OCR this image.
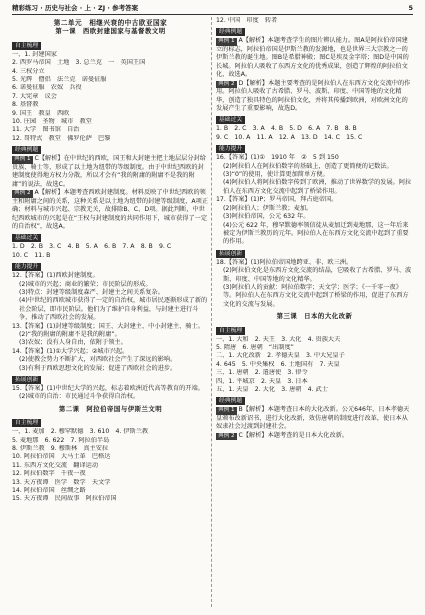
精彩练习 · 历史与社会 · 上 · ZJ · 参考答案	5
第二单元　相继兴衰的中古欧亚国家
第一课　西欧封建国家与基督教文明
自主梳理
一、1. 封建国家
2. 西罗马帝国　土地　3. 总兰克　一　英国王国
4. 三权分立
5. 光辉　僧侣　法兰克　诺曼征服
6. 诺曼征服　农奴　兵役
7. 大宪章　议会
8. 基督教
9. 国王　教皇　西欧
10. 庄园　圣物　城市　教堂
11. 大学　图书馆　自治
12. 哥特式　教堂　佛罗伦萨　巴黎
经典例题
典例 1 C【解析】在中世纪的西欧，国王和大封建主把土地层层分封给贵族、骑士等，形成了以土地为纽带的等级制度。由于中世纪西欧的封建制度使得地方权力分散，所以才会有“我的附庸的附庸不是我的附庸”的说法，故选C。
典例 2 A【解析】本题考查西欧封建制度。材料反映了中世纪西欧的领主和附庸之间的关系，这种关系是以土地为纽带的封建等级制度，A项正确；材料与城市兴起、宗教无关，故排除B、C、D项。据此判断，中世纪西欧城市的兴起是在“王权与封建制度的共同作用下，城市获得了一定的自治权”，故选A。
基础过关
1. D　2. B　3. C　4. B　5. A　6. B　7. A　8. B　9. C
10. C　11. B
能力提升
12.【答案】(1)西欧封建制度。
(2)城市的兴起；商业的繁荣；市民阶层的形成。
(3)特点：封建等级制度森严、封建主之间关系复杂。
(4)中世纪的西欧城市获得了一定的自治权，城市居民逐渐形成了新的社会阶层，即市民阶层。他们为了维护自身利益，与封建主进行斗争，推动了西欧社会的发展。
13.【答案】(1)封建等级制度；国王、大封建主、中小封建主、骑士。
(2)“我的附庸的附庸不是我的附庸”。
(3)农奴；没有人身自由，依附于领主。
14.【答案】(1)①大学兴起；②城市兴起。
(2)使教会势力不断扩大，对西欧社会产生了深远的影响。
(3)有利于西欧思想文化的发展；促进了西欧社会的进步。
拓展创新
15.【答案】(1)中世纪大学的兴起，标志着欧洲近代高等教育的开端。
(2)城市的自治：市民通过斗争获得自治权。
第二课　阿拉伯帝国与伊斯兰文明
自主梳理
一、1. 麦加　2. 穆罕默德　3. 610　4. 伊斯兰教
5. 麦地那　6. 622　7. 阿拉伯半岛
8. 伊斯兰教　9. 穆斯林　真主安拉
10. 阿拉伯帝国　大马士革　巴格达
11. 东西方文化交流　翻译运动
12. 阿拉伯数字　千夜一夜
13. 天方夜谭　医学　数学　天文学
14. 阿拉伯帝国　丝绸之路
15. 天方夜谭　民间故事　阿拉伯帝国
12. 中国　印度　转者
经典例题
典例 1 A【解析】本题考查学生的图片辨认能力。图A是阿拉伯帝国建立的标志，阿拉伯帝国是伊斯兰教的发源地，也是世界三大宗教之一的伊斯兰教的诞生地。图B是希腊神殿；图C是埃及金字塔；图D是中国的长城。阿拉伯人吸收了东西方文化的优秀成果，创造了辉煌的阿拉伯文化，故选A。
典例 2 D【解析】本题主要考查的是阿拉伯人在东西方文化交流中的作用。阿拉伯人吸收了古希腊、罗马、波斯、印度、中国等地的文化精华，创造了独具特色的阿拉伯文化，并将其传播到欧洲，对欧洲文化的发展产生了重要影响，故选D。
基础过关
1. B　2. C　3. A　4. B　5. D　6. A　7. B　8. B
9. C　10. A　11. A　12. A　13. D　14. C　15. C
能力提升
16.【答案】(1)①　1910 年　②　5 到 150
(2)阿拉伯人在阿拉伯数字的基础上，创造了更简便的记数法。
(3)“0”的使用，使计算更加简单方便。
(4)阿拉伯人将阿拉伯数字传到了欧洲，推动了世界数学的发展。阿拉伯人在东西方文化交流中起到了桥梁作用。
17.【答案】(1)P；罗马帝国，拜占庭帝国。
(2)阿拉伯人；伊斯兰教；麦加。
(3)阿拉伯帝国，公元 632 年。
(4)公元 622 年，穆罕默德率领信徒从麦加迁到麦地那，这一年后来被定为伊斯兰教历的元年。阿拉伯人在东西方文化交流中起到了重要的作用。
拓展创新
18.【答案】(1)阿拉伯帝国地跨亚、非、欧三洲。
(2)阿拉伯文化是东西方文化交流的结晶，它吸收了古希腊、罗马、波斯、印度、中国等地的文化精华。
(3)阿拉伯人的贡献：阿拉伯数字；天文学；医学；《一千零一夜》等。阿拉伯人在东西方文化交流中起到了桥梁的作用，促进了东西方文化的交流与发展。
第三课　日本的大化改新
自主梳理
一、1. 大和　2. 天王　3. 大化　4. 贵族大夫
5. 隋唐　6. 唐朝　“出制度”
二、1. 大化改新　2. 孝德天皇　3. 中大兄皇子
4. 645　5. 中央集权　6. 土地国有　7. 天皇
三、1. 唐朝　2. 遣唐使　3. 律令
四、1. 平城京　2. 天皇　3. 日本
五、1. 天皇　2. 大化　3. 唐朝　4. 武士
经典例题
典例 1 B【解析】本题考查日本的大化改新。公元646年，日本孝德天皇颁布改新诏书，进行大化改新，效仿唐朝的制度进行改革，使日本从奴隶社会过渡到封建社会。
典例 2 C【解析】本题考查的是日本大化改新。
